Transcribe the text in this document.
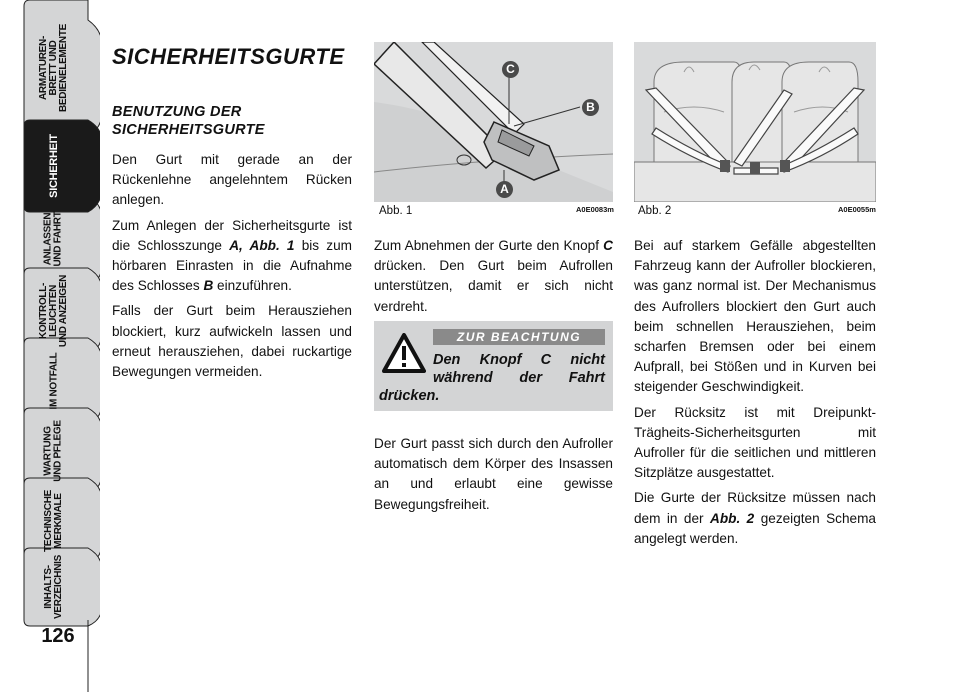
ARMATUREN-
BRETT UND
BEDIENELEMENTE
SICHERHEIT
ANLASSEN
UND FAHRT
KONTROLL-
LEUCHTEN
UND ANZEIGEN
IM NOTFALL
WARTUNG
UND PFLEGE
TECHNISCHE
MERKMALE
INHALTS-
VERZEICHNIS
126
SICHERHEITSGURTE
BENUTZUNG DER
SICHERHEITSGURTE

Den Gurt mit gerade an der Rückenlehne angelehntem Rücken anlegen.

Zum Anlegen der Sicherheitsgurte ist die Schlosszunge A, Abb. 1 bis zum hörbaren Einrasten in die Aufnahme des Schlosses B einzuführen.

Falls der Gurt beim Herausziehen blockiert, kurz aufwickeln lassen und erneut herausziehen, dabei ruckartige Bewegungen vermeiden.

C
B
A
Abb. 1	A0E0083m

Zum Abnehmen der Gurte den Knopf C drücken. Den Gurt beim Aufrollen unterstützen, damit er sich nicht verdreht.

ZUR BEACHTUNG
Den Knopf C nicht
während der Fahrt
drücken.

Der Gurt passt sich durch den Aufroller automatisch dem Körper des Insassen an und erlaubt eine gewisse Bewegungsfreiheit.

Abb. 2	A0E0055m

Bei auf starkem Gefälle abgestellten Fahrzeug kann der Aufroller blockieren, was ganz normal ist. Der Mechanismus des Aufrollers blockiert den Gurt auch beim schnellen Herausziehen, beim scharfen Bremsen oder bei einem Aufprall, bei Stößen und in Kurven bei steigender Geschwindigkeit.

Der Rücksitz ist mit Dreipunkt-Trägheits-Sicherheitsgurten mit Aufroller für die seitlichen und mittleren Sitzplätze ausgestattet.

Die Gurte der Rücksitze müssen nach dem in der Abb. 2 gezeigten Schema angelegt werden.
